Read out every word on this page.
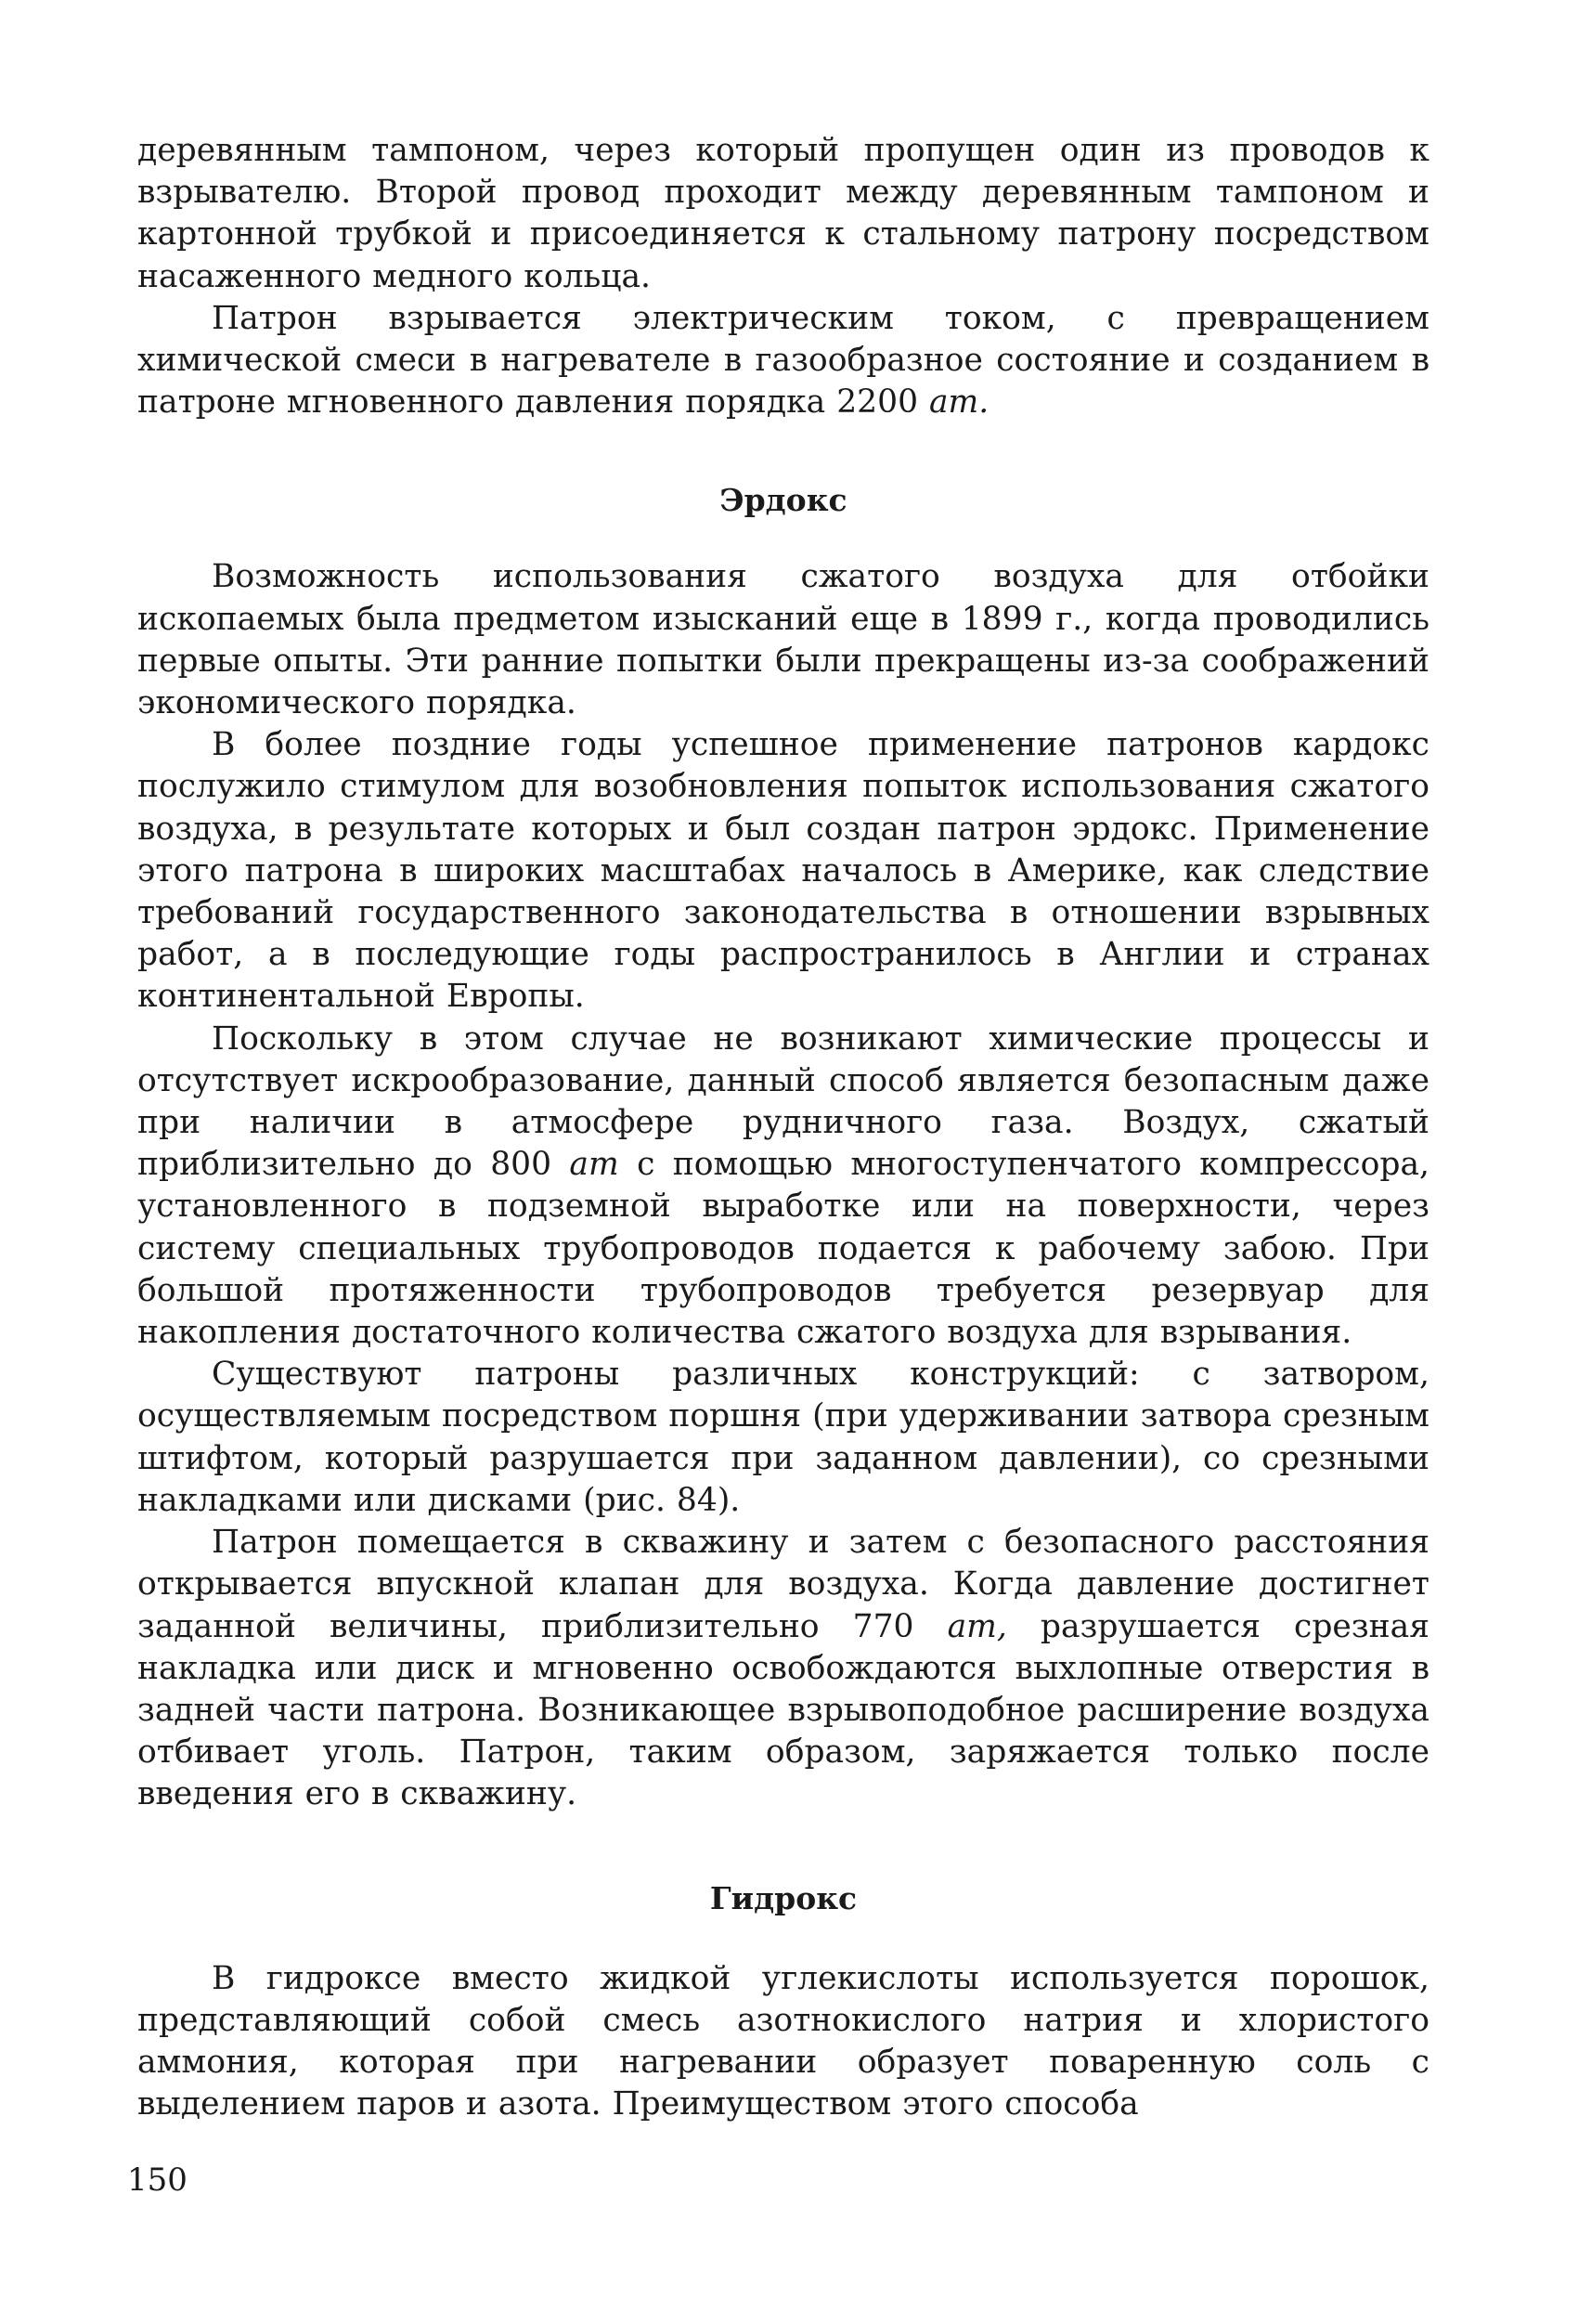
деревянным тампоном, через который пропущен один из проводов к взрывателю. Второй провод проходит между деревянным тампоном и картонной трубкой и присоединяется к стальному патрону посредством насаженного медного кольца.

Патрон взрывается электрическим током, с превращением химической смеси в нагревателе в газообразное состояние и созданием в патроне мгновенного давления порядка 2200 ат.

Эрдокс

Возможность использования сжатого воздуха для отбойки ископаемых была предметом изысканий еще в 1899 г., когда проводились первые опыты. Эти ранние попытки были прекращены из-за соображений экономического порядка.

В более поздние годы успешное применение патронов кардокс послужило стимулом для возобновления попыток использования сжатого воздуха, в результате которых и был создан патрон эрдокс. Применение этого патрона в широких масштабах началось в Америке, как следствие требований государственного законодательства в отношении взрывных работ, а в последующие годы распространилось в Англии и странах континентальной Европы.

Поскольку в этом случае не возникают химические процессы и отсутствует искрообразование, данный способ является безопасным даже при наличии в атмосфере рудничного газа. Воздух, сжатый приблизительно до 800 ат с помощью многоступенчатого компрессора, установленного в подземной выработке или на поверхности, через систему специальных трубопроводов подается к рабочему забою. При большой протяженности трубопроводов требуется резервуар для накопления достаточного количества сжатого воздуха для взрывания.

Существуют патроны различных конструкций: с затвором, осуществляемым посредством поршня (при удерживании затвора срезным штифтом, который разрушается при заданном давлении), со срезными накладками или дисками (рис. 84).

Патрон помещается в скважину и затем с безопасного расстояния открывается впускной клапан для воздуха. Когда давление достигнет заданной величины, приблизительно 770 ат, разрушается срезная накладка или диск и мгновенно освобождаются выхлопные отверстия в задней части патрона. Возникающее взрывоподобное расширение воздуха отбивает уголь. Патрон, таким образом, заряжается только после введения его в скважину.

Гидрокс

В гидроксе вместо жидкой углекислоты используется порошок, представляющий собой смесь азотнокислого натрия и хлористого аммония, которая при нагревании образует поваренную соль с выделением паров и азота. Преимуществом этого способа

150
